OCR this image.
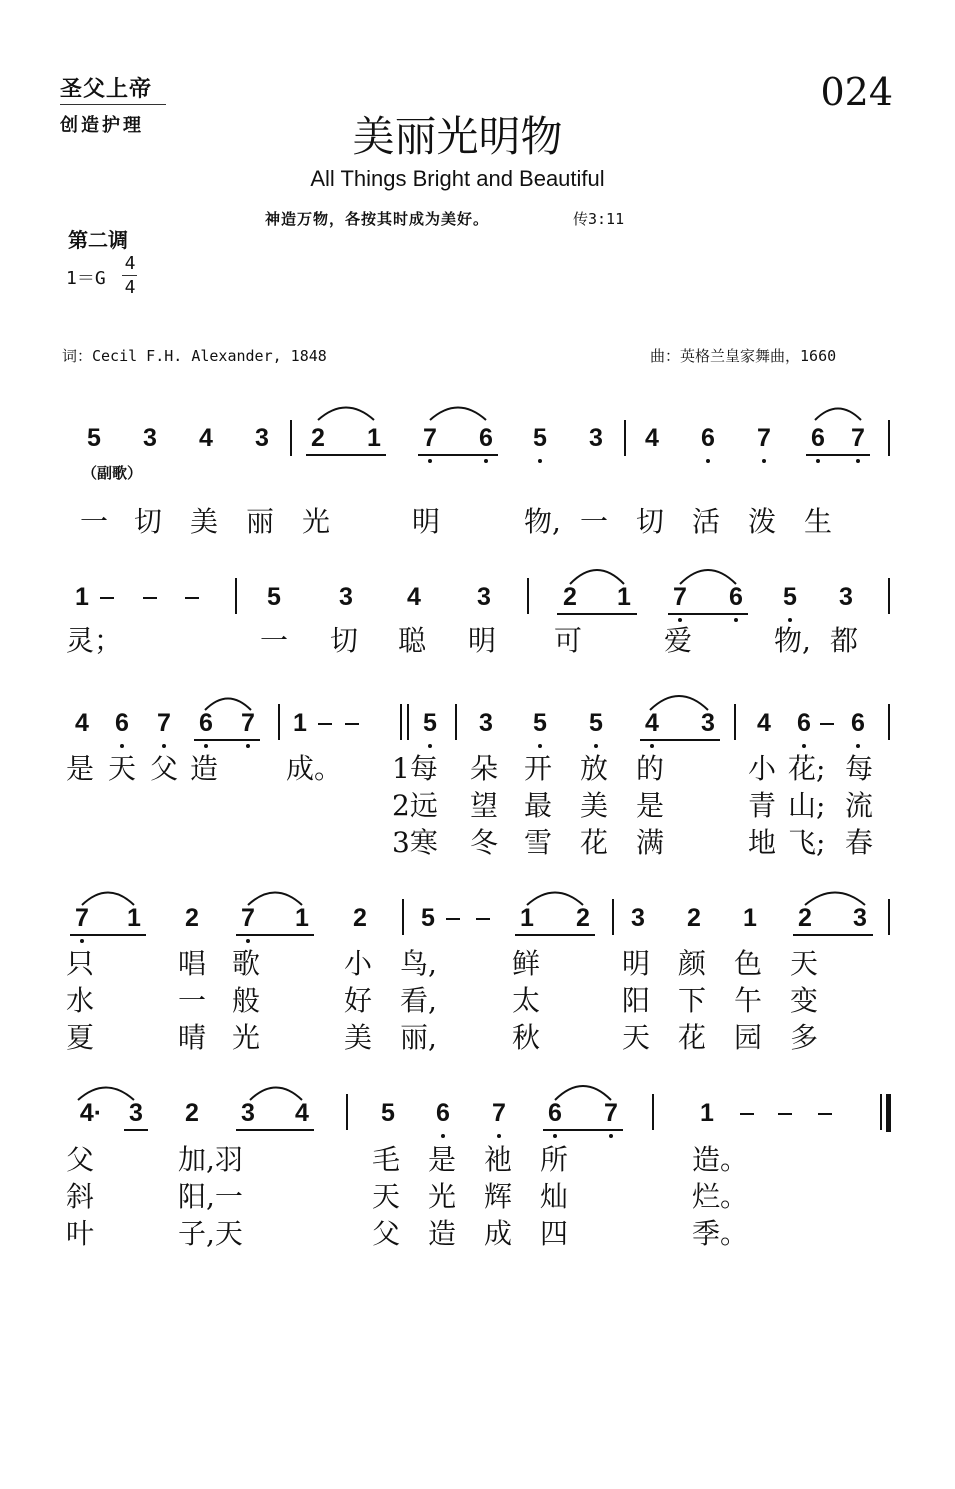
圣父上帝
创造护理
024
美丽光明物
All Things Bright and Beautiful
神造万物，各按其时成为美好。	传3:11
第二调
1＝G
4
4
词：Cecil F.H. Alexander, 1848	曲：英格兰皇家舞曲，1660
5 3 4 3 2 1 7 6 5 3 4 6 7 6 7
（副歌）
一 切 美 丽 光	明	物, 一 切 活 泼 生
1	5 3 4 3	2 1 7 6 5 3
灵；	一 切 聪 明 可	爱	物, 都
4 6 7 6 7 1	5 3 5 5 4 3 4 6 6
是 天 父 造 成。 1每 朵 开 放 的	小 花; 每
2远 望 最 美 是	青 山; 流
3寒 冬 雪 花 满	地 飞; 春
7 1 2 7 1 2 5	1 2 3 2 1 2 3
只	唱 歌	小 鸟,	鲜	明 颜 色 天
水	一 般	好 看,	太	阳 下 午 变
夏	晴 光	美 丽,	秋	天 花 园 多
4· 3 2 3 4	5 6 7 6 7	1
父	加,羽	毛 是 祂 所	造。
斜	阳,一	天 光 辉 灿	烂。
叶	子,天	父 造 成 四	季。
